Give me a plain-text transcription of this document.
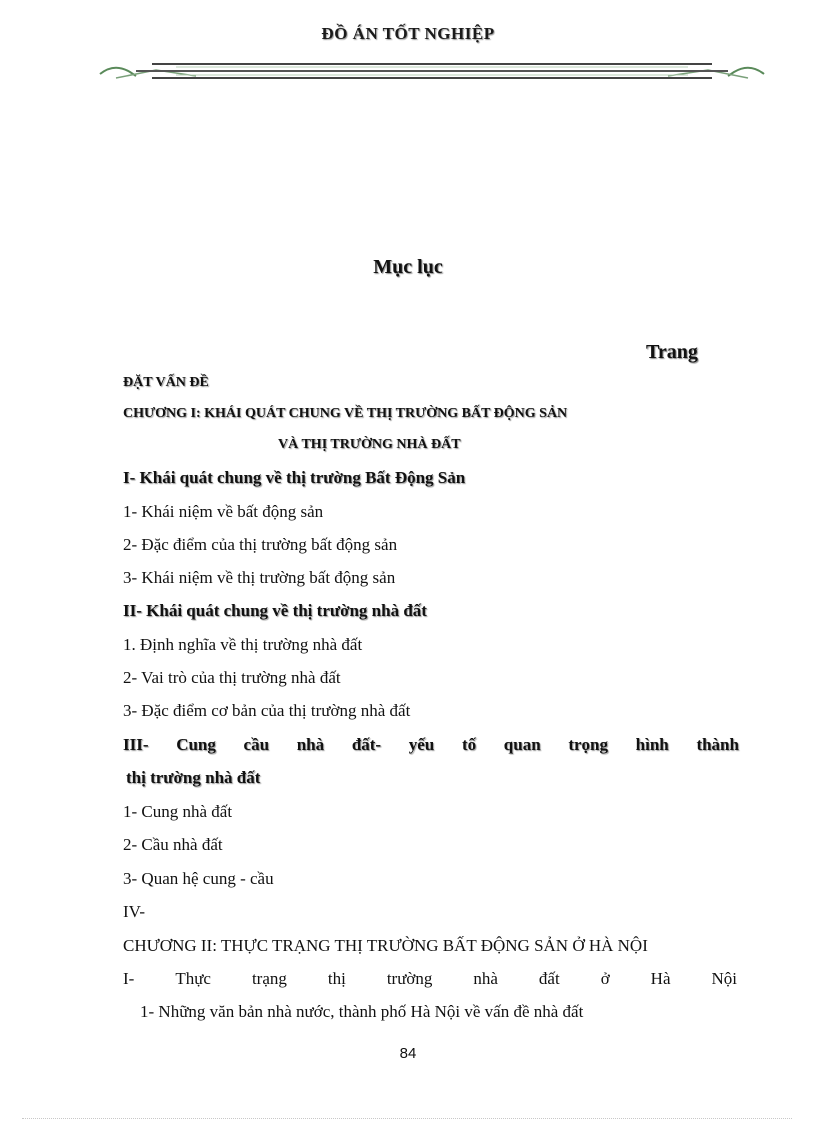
ĐỒ ÁN TỐT NGHIỆP
Mục lục
Trang
ĐẶT VẤN ĐỀ
CHƯƠNG I: KHÁI QUÁT CHUNG VỀ THỊ TRƯỜNG BẤT ĐỘNG SẢN
VÀ THỊ TRƯỜNG NHÀ ĐẤT
I- Khái quát chung về thị trường Bất Động Sản
1- Khái niệm về bất động sản
2- Đặc điểm của thị trường bất động sản
3- Khái niệm về thị trường bất động sản
II- Khái quát chung về thị trường nhà đất
1. Định nghĩa về thị trường nhà đất
2- Vai trò của thị trường nhà đất
3- Đặc điểm cơ bản của thị trường nhà đất
III- Cung cầu nhà đất- yếu tố quan trọng hình thành
thị trường nhà đất
1- Cung nhà đất
2- Cầu nhà đất
3- Quan hệ cung - cầu
IV-
CHƯƠNG II: THỰC TRẠNG THỊ TRƯỜNG BẤT ĐỘNG SẢN Ở HÀ NỘI
I- Thực trạng thị trường nhà đất ở Hà Nội
1- Những văn bản nhà nước, thành phố Hà Nội về vấn đề nhà đất
84
